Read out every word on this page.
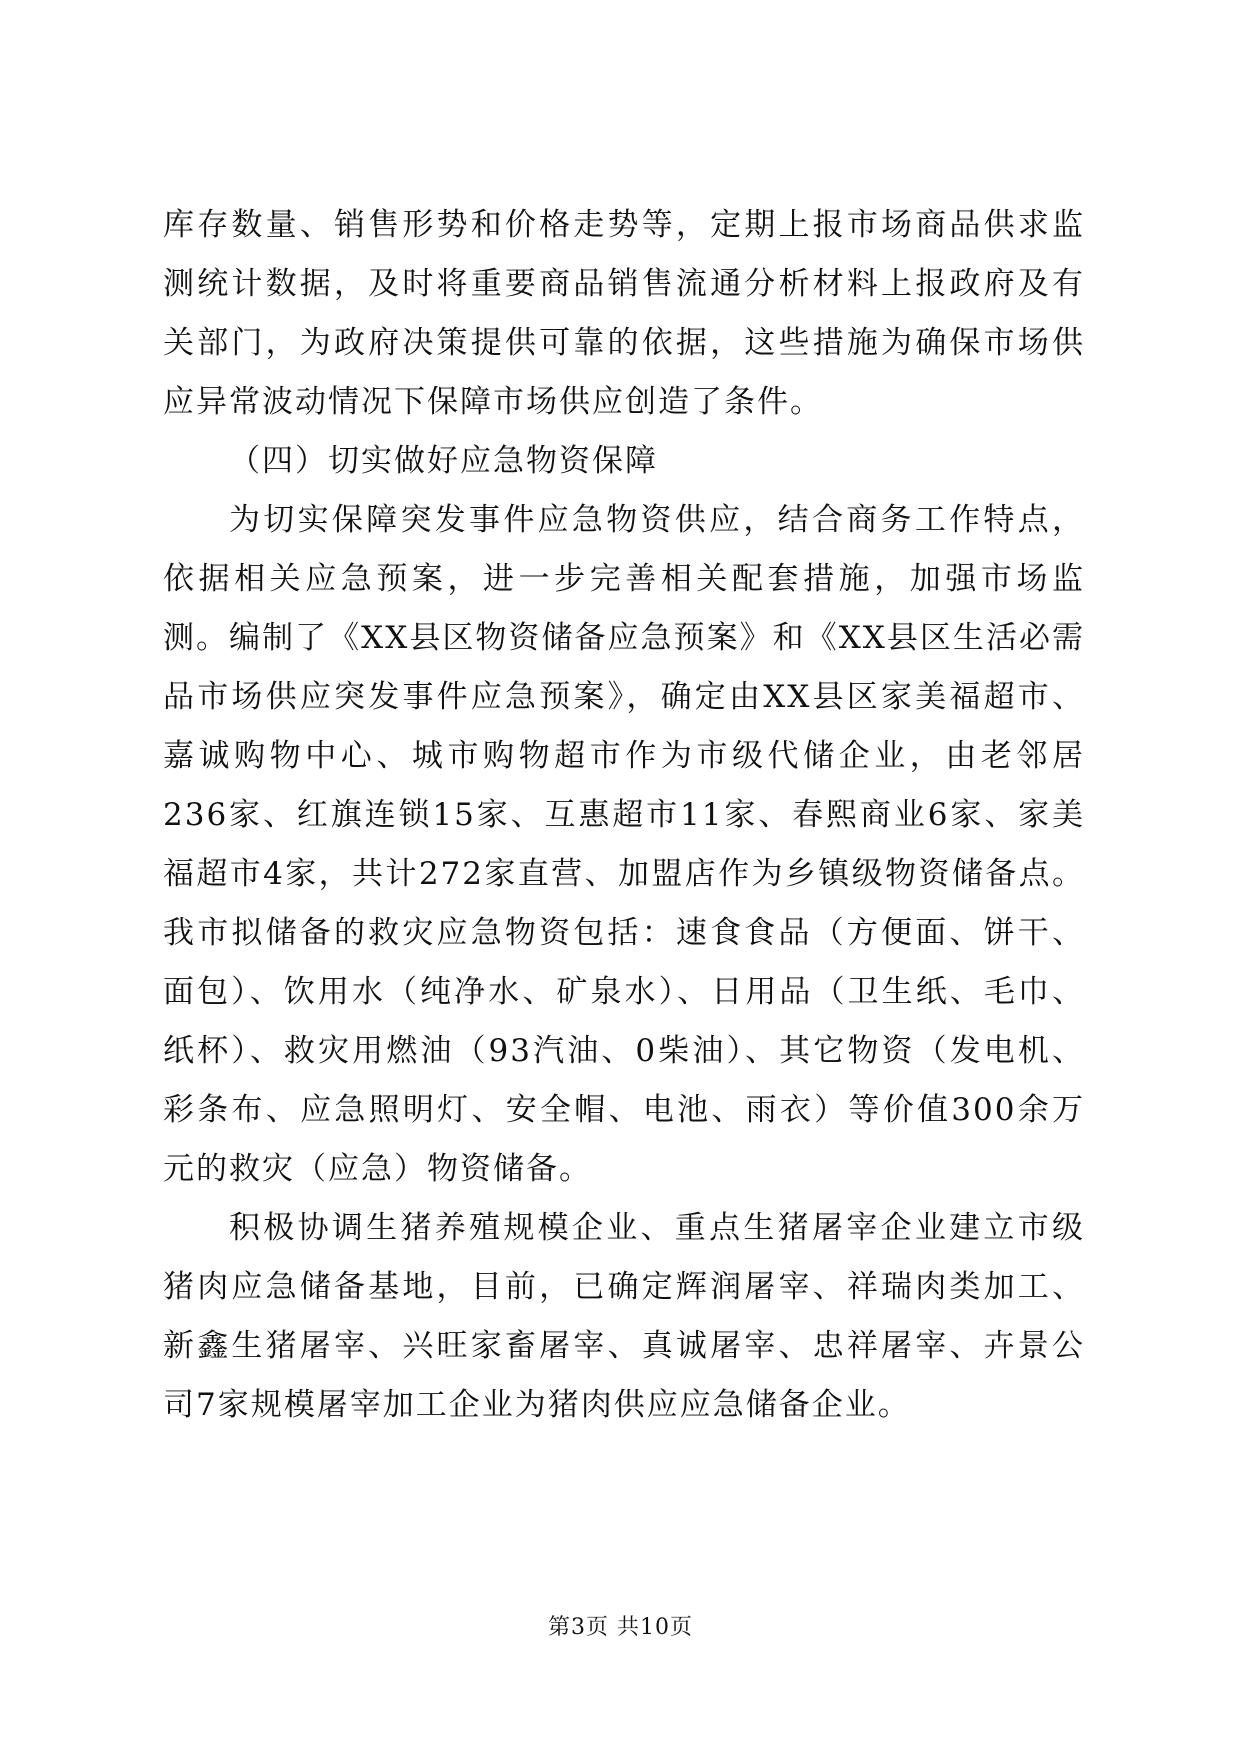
库存数量、销售形势和价格走势等，定期上报市场商品供求监测统计数据，及时将重要商品销售流通分析材料上报政府及有关部门，为政府决策提供可靠的依据，这些措施为确保市场供应异常波动情况下保障市场供应创造了条件。

（四）切实做好应急物资保障

为切实保障突发事件应急物资供应，结合商务工作特点，依据相关应急预案，进一步完善相关配套措施，加强市场监测。编制了《XX县区物资储备应急预案》和《XX县区生活必需品市场供应突发事件应急预案》，确定由XX县区家美福超市、嘉诚购物中心、城市购物超市作为市级代储企业，由老邻居236家、红旗连锁15家、互惠超市11家、春熙商业6家、家美福超市4家，共计272家直营、加盟店作为乡镇级物资储备点。我市拟储备的救灾应急物资包括：速食食品（方便面、饼干、面包）、饮用水（纯净水、矿泉水）、日用品（卫生纸、毛巾、纸杯）、救灾用燃油（93汽油、0柴油）、其它物资（发电机、彩条布、应急照明灯、安全帽、电池、雨衣）等价值300余万元的救灾（应急）物资储备。

积极协调生猪养殖规模企业、重点生猪屠宰企业建立市级猪肉应急储备基地，目前，已确定辉润屠宰、祥瑞肉类加工、新鑫生猪屠宰、兴旺家畜屠宰、真诚屠宰、忠祥屠宰、卉景公司7家规模屠宰加工企业为猪肉供应应急储备企业。

第3页 共10页
